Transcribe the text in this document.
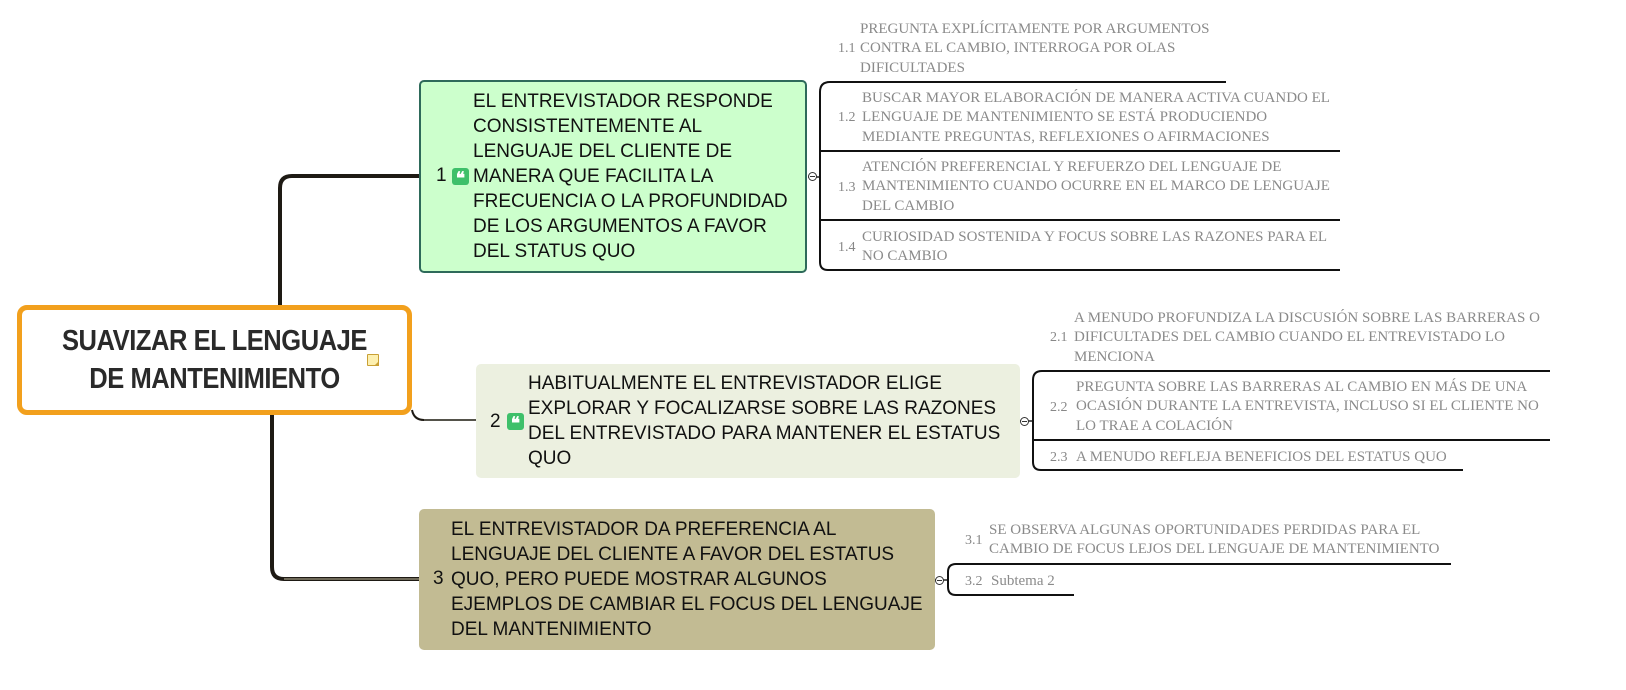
SUAVIZAR EL LENGUAJE DE MANTENIMIENTO
1 ❝
EL ENTREVISTADOR RESPONDE CONSISTENTEMENTE AL LENGUAJE DEL CLIENTE DE MANERA QUE FACILITA LA FRECUENCIA O LA PROFUNDIDAD DE LOS ARGUMENTOS A FAVOR DEL STATUS QUO
1.1
PREGUNTA EXPLÍCITAMENTE POR ARGUMENTOS CONTRA EL CAMBIO, INTERROGA POR OLAS DIFICULTADES
1.2
BUSCAR MAYOR ELABORACIÓN DE MANERA ACTIVA CUANDO EL LENGUAJE DE MANTENIMIENTO SE ESTÁ PRODUCIENDO MEDIANTE PREGUNTAS, REFLEXIONES O AFIRMACIONES
1.3
ATENCIÓN PREFERENCIAL Y REFUERZO DEL LENGUAJE DE MANTENIMIENTO CUANDO OCURRE EN EL MARCO DE LENGUAJE DEL CAMBIO
1.4
CURIOSIDAD SOSTENIDA Y FOCUS SOBRE LAS RAZONES PARA EL NO CAMBIO
2 ❝
HABITUALMENTE EL ENTREVISTADOR ELIGE EXPLORAR Y FOCALIZARSE SOBRE LAS RAZONES DEL ENTREVISTADO PARA MANTENER EL ESTATUS QUO
2.1
A MENUDO PROFUNDIZA LA DISCUSIÓN SOBRE LAS BARRERAS O DIFICULTADES DEL CAMBIO CUANDO EL ENTREVISTADO LO MENCIONA
2.2
PREGUNTA SOBRE LAS BARRERAS AL CAMBIO EN MÁS DE UNA OCASIÓN DURANTE LA ENTREVISTA, INCLUSO SI EL CLIENTE NO LO TRAE A COLACIÓN
2.3 A MENUDO REFLEJA BENEFICIOS DEL ESTATUS QUO
3
EL ENTREVISTADOR DA PREFERENCIA AL LENGUAJE DEL CLIENTE A FAVOR DEL ESTATUS QUO, PERO PUEDE MOSTRAR ALGUNOS EJEMPLOS DE CAMBIAR EL FOCUS DEL LENGUAJE DEL MANTENIMIENTO
3.1
SE OBSERVA ALGUNAS OPORTUNIDADES PERDIDAS PARA EL CAMBIO DE FOCUS LEJOS DEL LENGUAJE DE MANTENIMIENTO
3.2 Subtema 2
